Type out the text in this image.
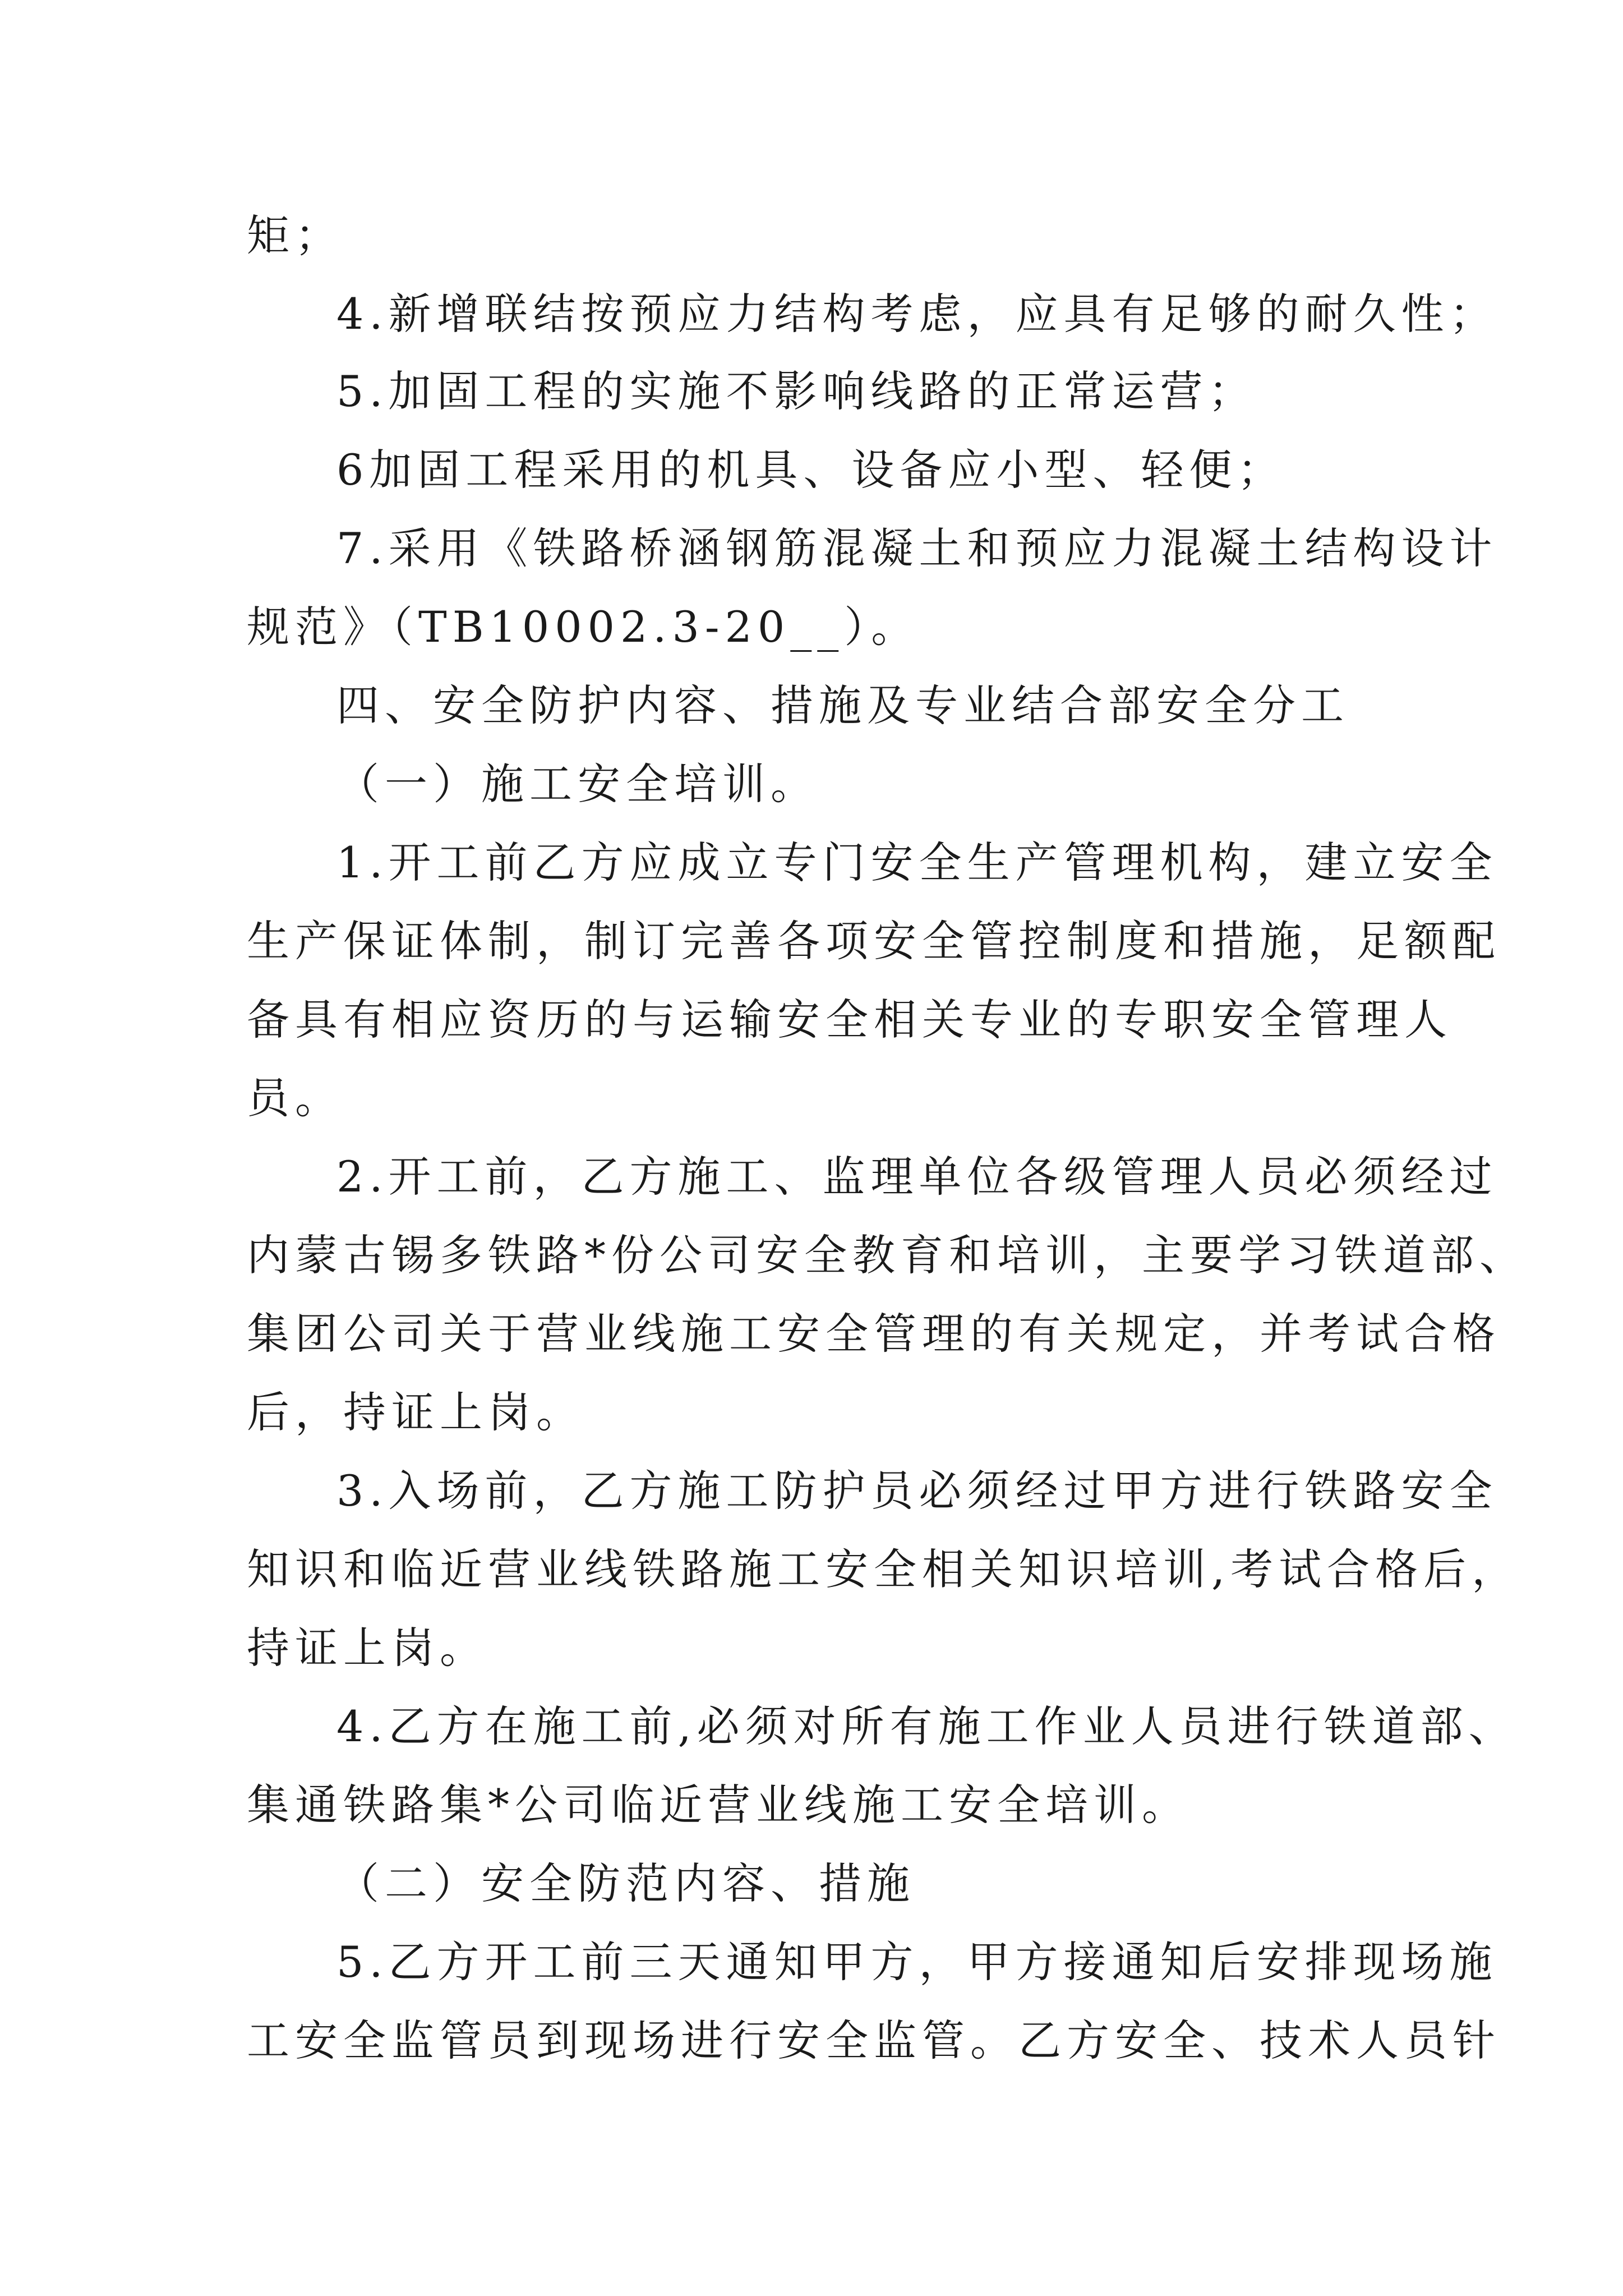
矩；
4.新增联结按预应力结构考虑，应具有足够的耐久性；
5.加固工程的实施不影响线路的正常运营；
6加固工程采用的机具、设备应小型、轻便；
7.采用《铁路桥涵钢筋混凝土和预应力混凝土结构设计
规范》（TB10002.3-20__）。
四、安全防护内容、措施及专业结合部安全分工
（一）施工安全培训。
1.开工前乙方应成立专门安全生产管理机构，建立安全
生产保证体制，制订完善各项安全管控制度和措施，足额配
备具有相应资历的与运输安全相关专业的专职安全管理人
员。
2.开工前，乙方施工、监理单位各级管理人员必须经过
内蒙古锡多铁路*份公司安全教育和培训，主要学习铁道部、
集团公司关于营业线施工安全管理的有关规定，并考试合格
后，持证上岗。
3.入场前，乙方施工防护员必须经过甲方进行铁路安全
知识和临近营业线铁路施工安全相关知识培训,考试合格后，
持证上岗。
4.乙方在施工前,必须对所有施工作业人员进行铁道部、
集通铁路集*公司临近营业线施工安全培训。
（二）安全防范内容、措施
5.乙方开工前三天通知甲方，甲方接通知后安排现场施
工安全监管员到现场进行安全监管。乙方安全、技术人员针
